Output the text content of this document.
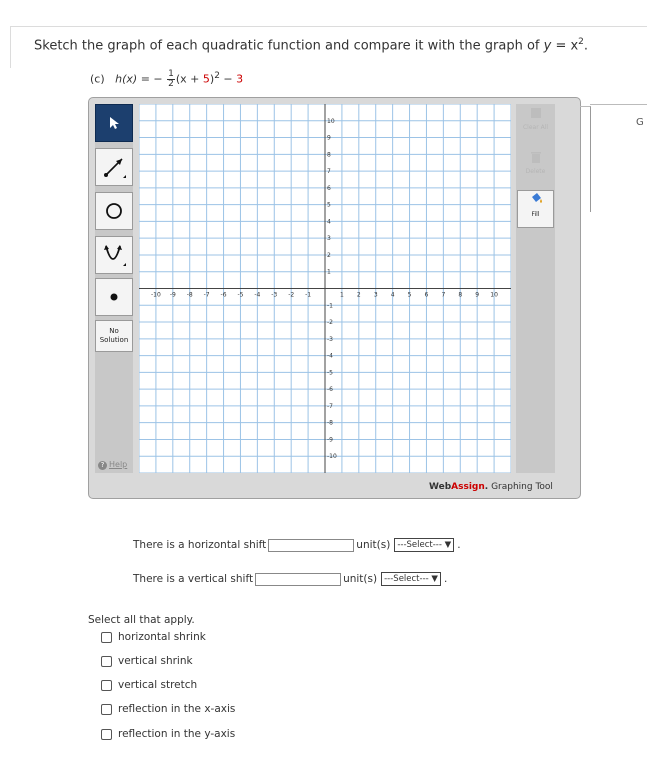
Sketch the graph of each quadratic function and compare it with the graph of $y = x^2$.
(c) h(x) = − $\frac{1}{2} (x + 5)^2 - 3$
No
Solution
? Help
Clear All
Delete
Fill
-10 -9 -8 -7 -6 -5 -4 -3 -2 -1	1 2 3 4 5 6 7 8 9 10
10
9
8
7
6
5
4
3
2
1
-1
-2
-3
-4
-5
-6
-7
-8
-9
-10
WebAssign. Graphing Tool
G
There is a horizontal shift	unit(s) ---Select--- ▼ .
There is a vertical shift	unit(s) ---Select--- ▼ .
Select all that apply.
horizontal shrink
vertical shrink
vertical stretch
reflection in the x-axis
reflection in the y-axis
